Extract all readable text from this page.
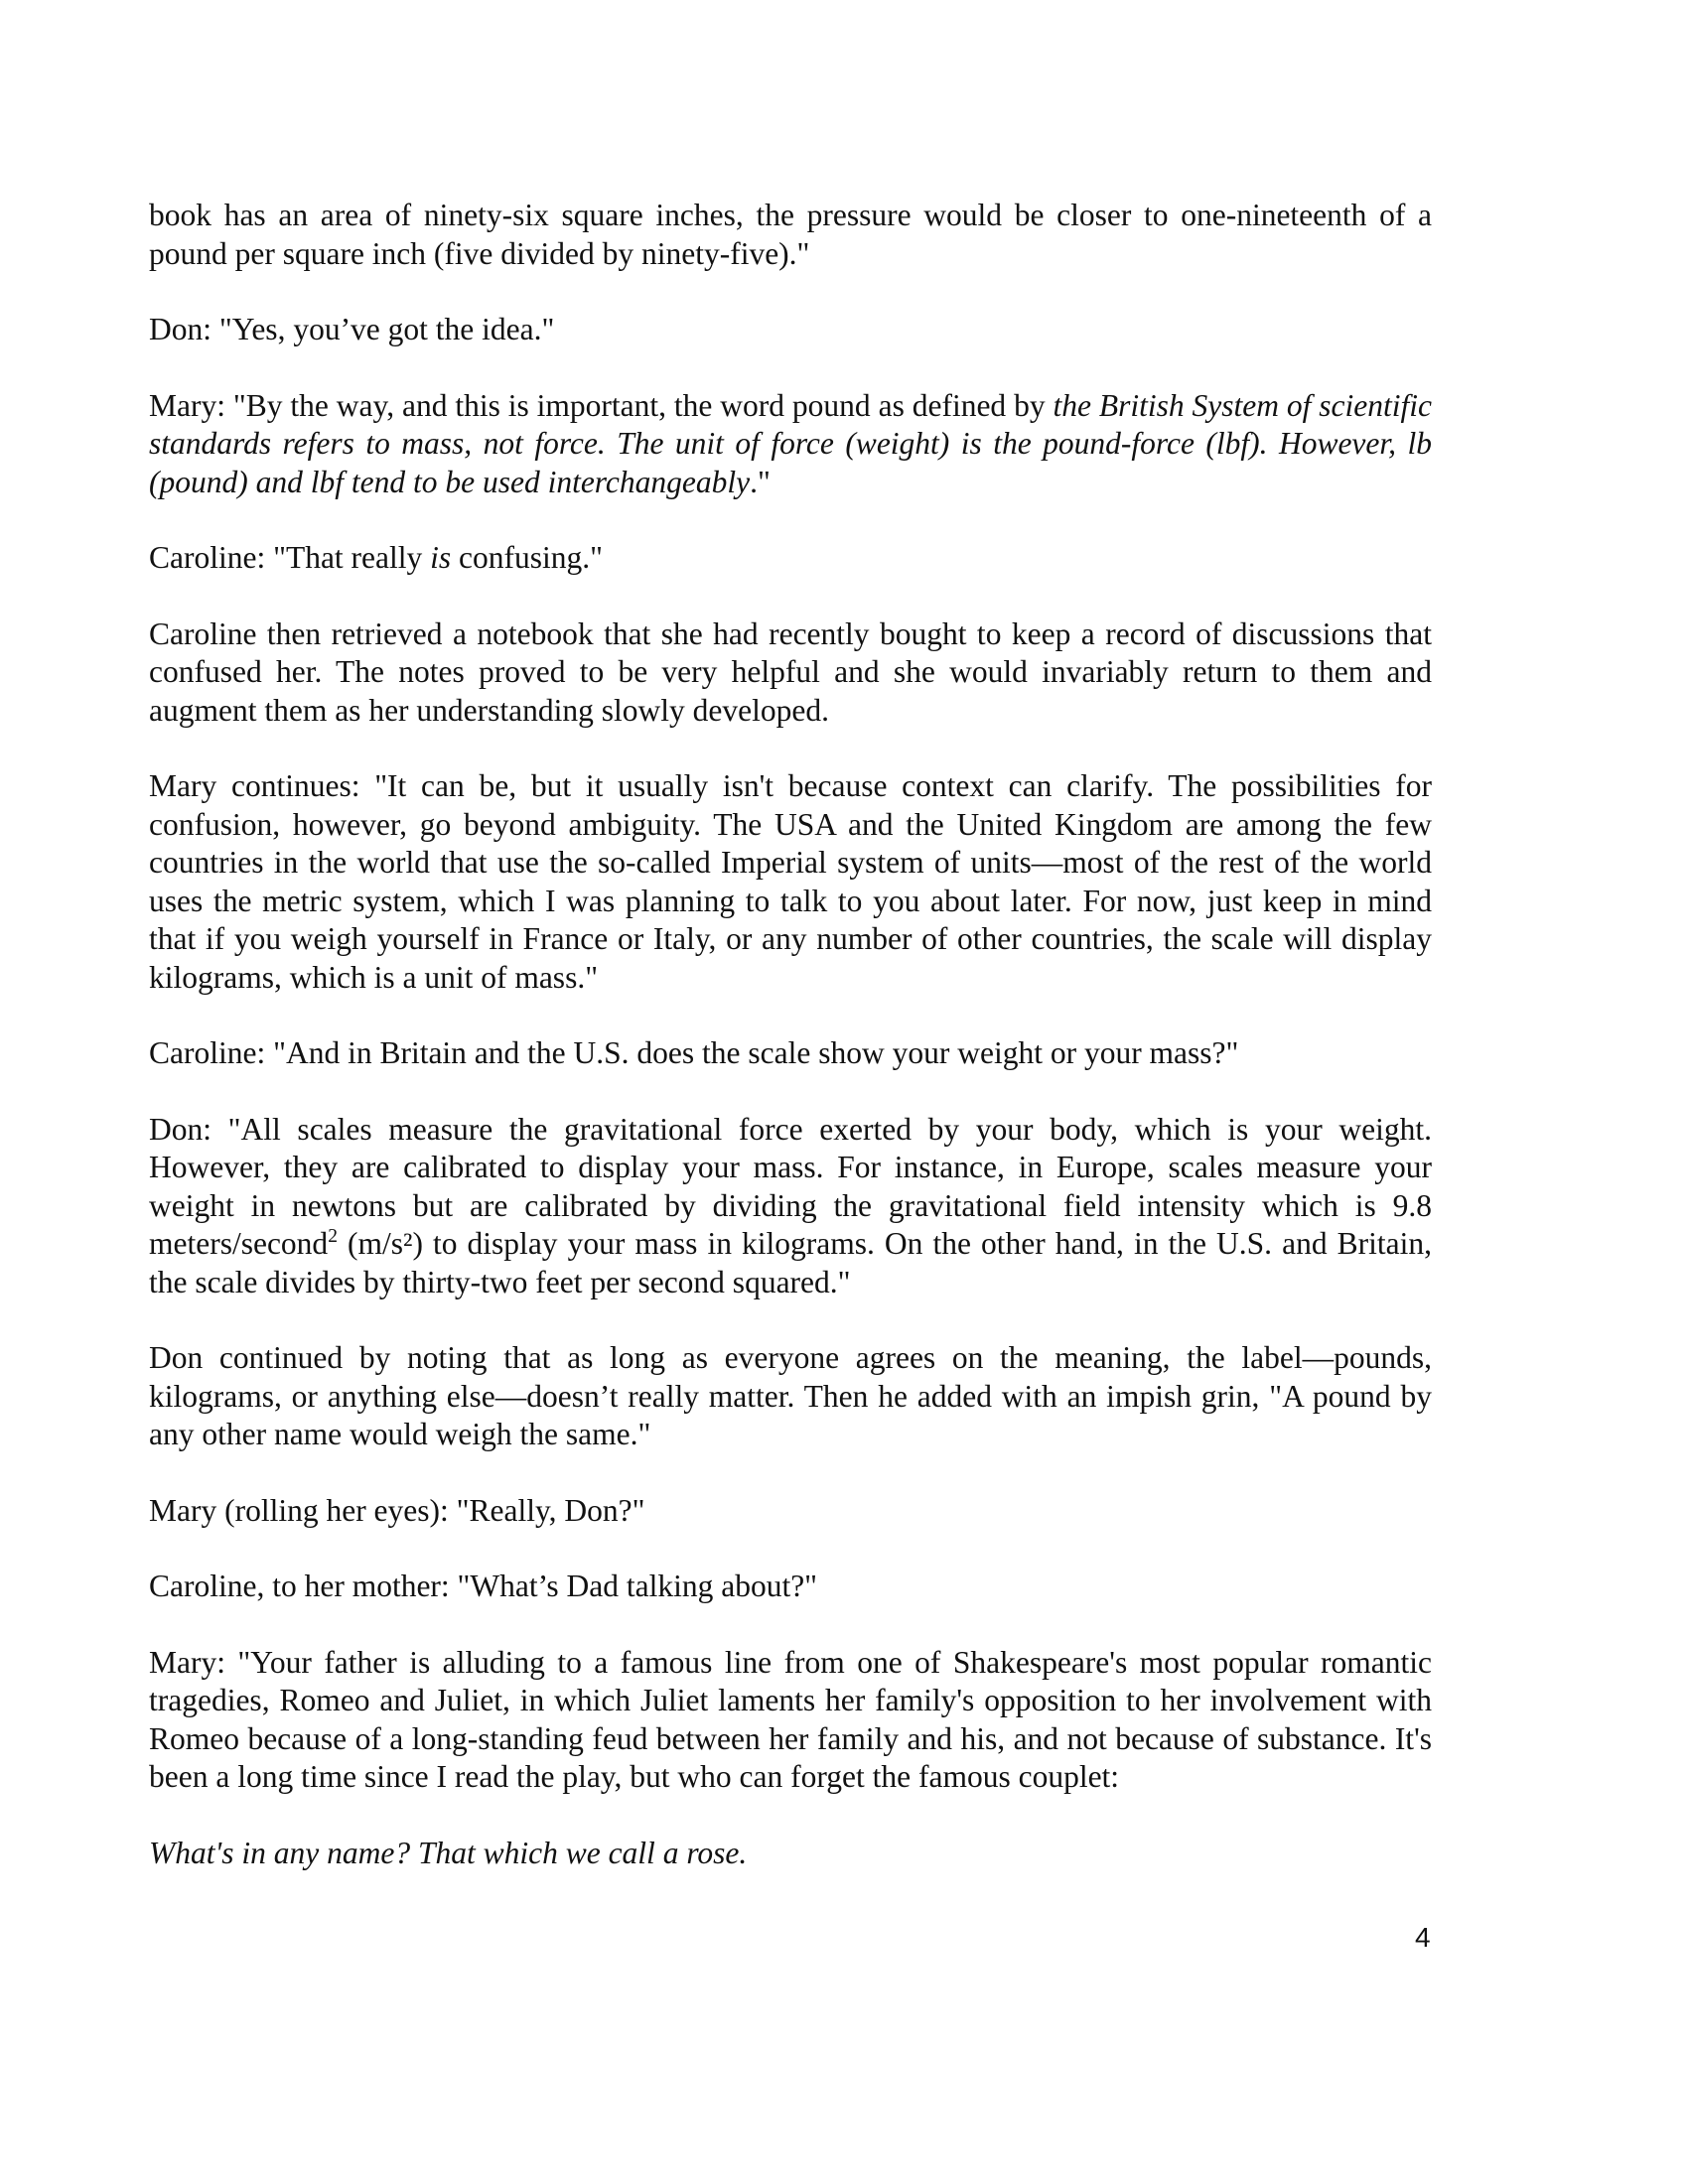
book has an area of ninety-six square inches, the pressure would be closer to one-nineteenth of a pound per square inch (five divided by ninety-five)."

Don: "Yes, you’ve got the idea."

Mary: "By the way, and this is important, the word pound as defined by the British System of scientific standards refers to mass, not force. The unit of force (weight) is the pound-force (lbf). However, lb (pound) and lbf tend to be used interchangeably."

Caroline: "That really is confusing."

Caroline then retrieved a notebook that she had recently bought to keep a record of discussions that confused her. The notes proved to be very helpful and she would invariably return to them and augment them as her understanding slowly developed.

Mary continues: "It can be, but it usually isn't because context can clarify. The possibilities for confusion, however, go beyond ambiguity. The USA and the United Kingdom are among the few countries in the world that use the so-called Imperial system of units—most of the rest of the world uses the metric system, which I was planning to talk to you about later. For now, just keep in mind that if you weigh yourself in France or Italy, or any number of other countries, the scale will display kilograms, which is a unit of mass."

Caroline: "And in Britain and the U.S. does the scale show your weight or your mass?"

Don: "All scales measure the gravitational force exerted by your body, which is your weight. However, they are calibrated to display your mass. For instance, in Europe, scales measure your weight in newtons but are calibrated by dividing the gravitational field intensity which is 9.8 meters/second$^2$ (m/s²) to display your mass in kilograms. On the other hand, in the U.S. and Britain, the scale divides by thirty-two feet per second squared."

Don continued by noting that as long as everyone agrees on the meaning, the label—pounds, kilograms, or anything else—doesn’t really matter. Then he added with an impish grin, "A pound by any other name would weigh the same."

Mary (rolling her eyes): "Really, Don?"

Caroline, to her mother: "What’s Dad talking about?"

Mary: "Your father is alluding to a famous line from one of Shakespeare's most popular romantic tragedies, Romeo and Juliet, in which Juliet laments her family's opposition to her involvement with Romeo because of a long-standing feud between her family and his, and not because of substance. It's been a long time since I read the play, but who can forget the famous couplet:

What's in any name? That which we call a rose.

4
